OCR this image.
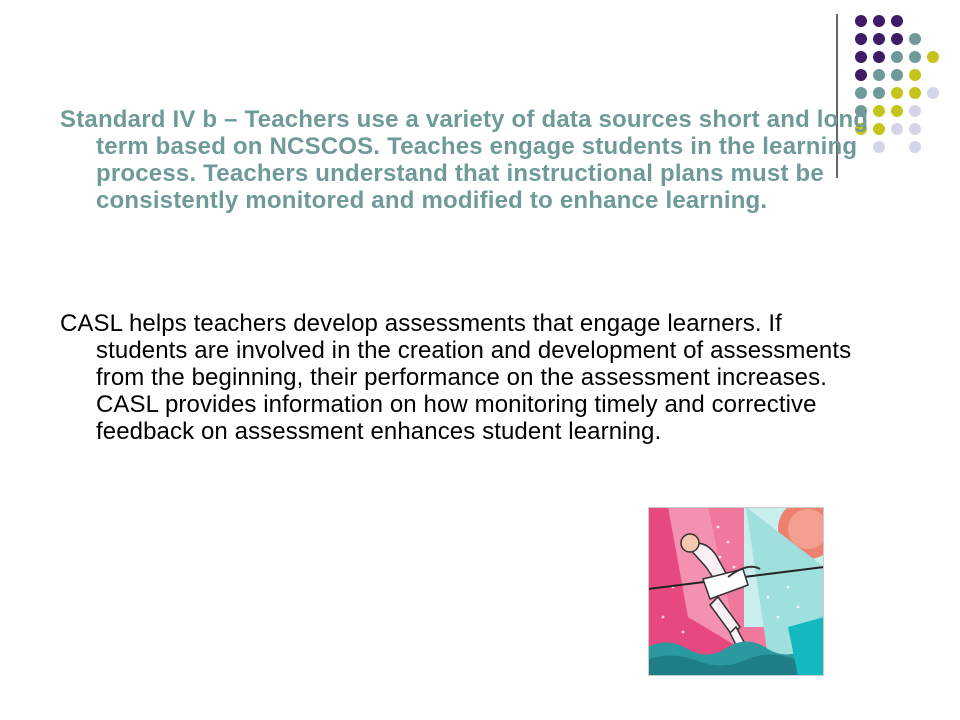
Standard IV b – Teachers use a variety of data sources short and long term based on NCSCOS. Teaches engage students in the learning process. Teachers understand that instructional plans must be consistently monitored and modified to enhance learning.

CASL helps teachers develop assessments that engage learners. If students are involved in the creation and development of assessments from the beginning, their performance on the assessment increases. CASL provides information on how monitoring timely and corrective feedback on assessment enhances student learning.
